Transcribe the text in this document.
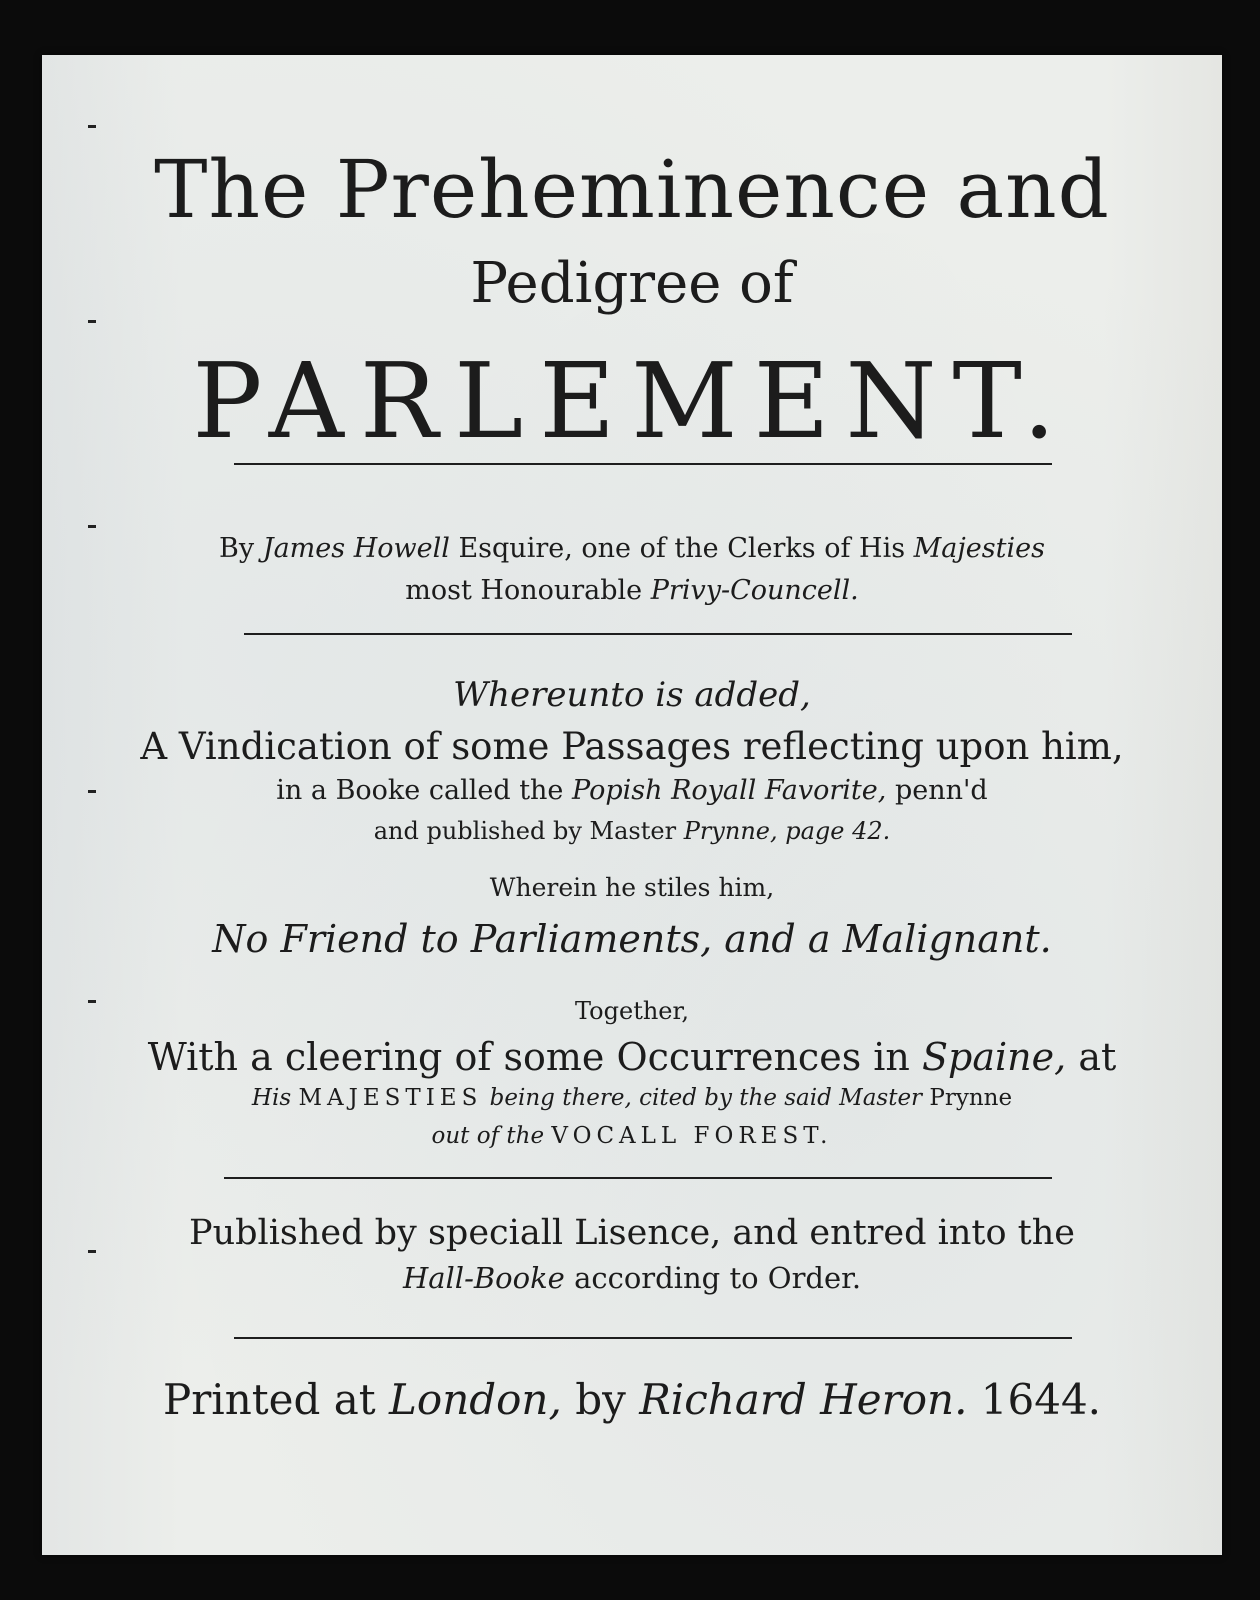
The Preheminence and
Pedigree of
PARLEMENT.
By James Howell Esquire, one of the Clerks of His Majesties
most Honourable Privy-Councell.
Whereunto is added,
A Vindication of some Passages reflecting upon him,
in a Booke called the Popish Royall Favorite, penn'd
and published by Master Prynne, page 42.
Wherein he stiles him,
No Friend to Parliaments, and a Malignant.
Together,
With a cleering of some Occurrences in Spaine, at
His MAJESTIES being there, cited by the said Master Prynne
out of the VOCALL FOREST.
Published by speciall Lisence, and entred into the
Hall-Booke according to Order.
Printed at London, by Richard Heron. 1644.
